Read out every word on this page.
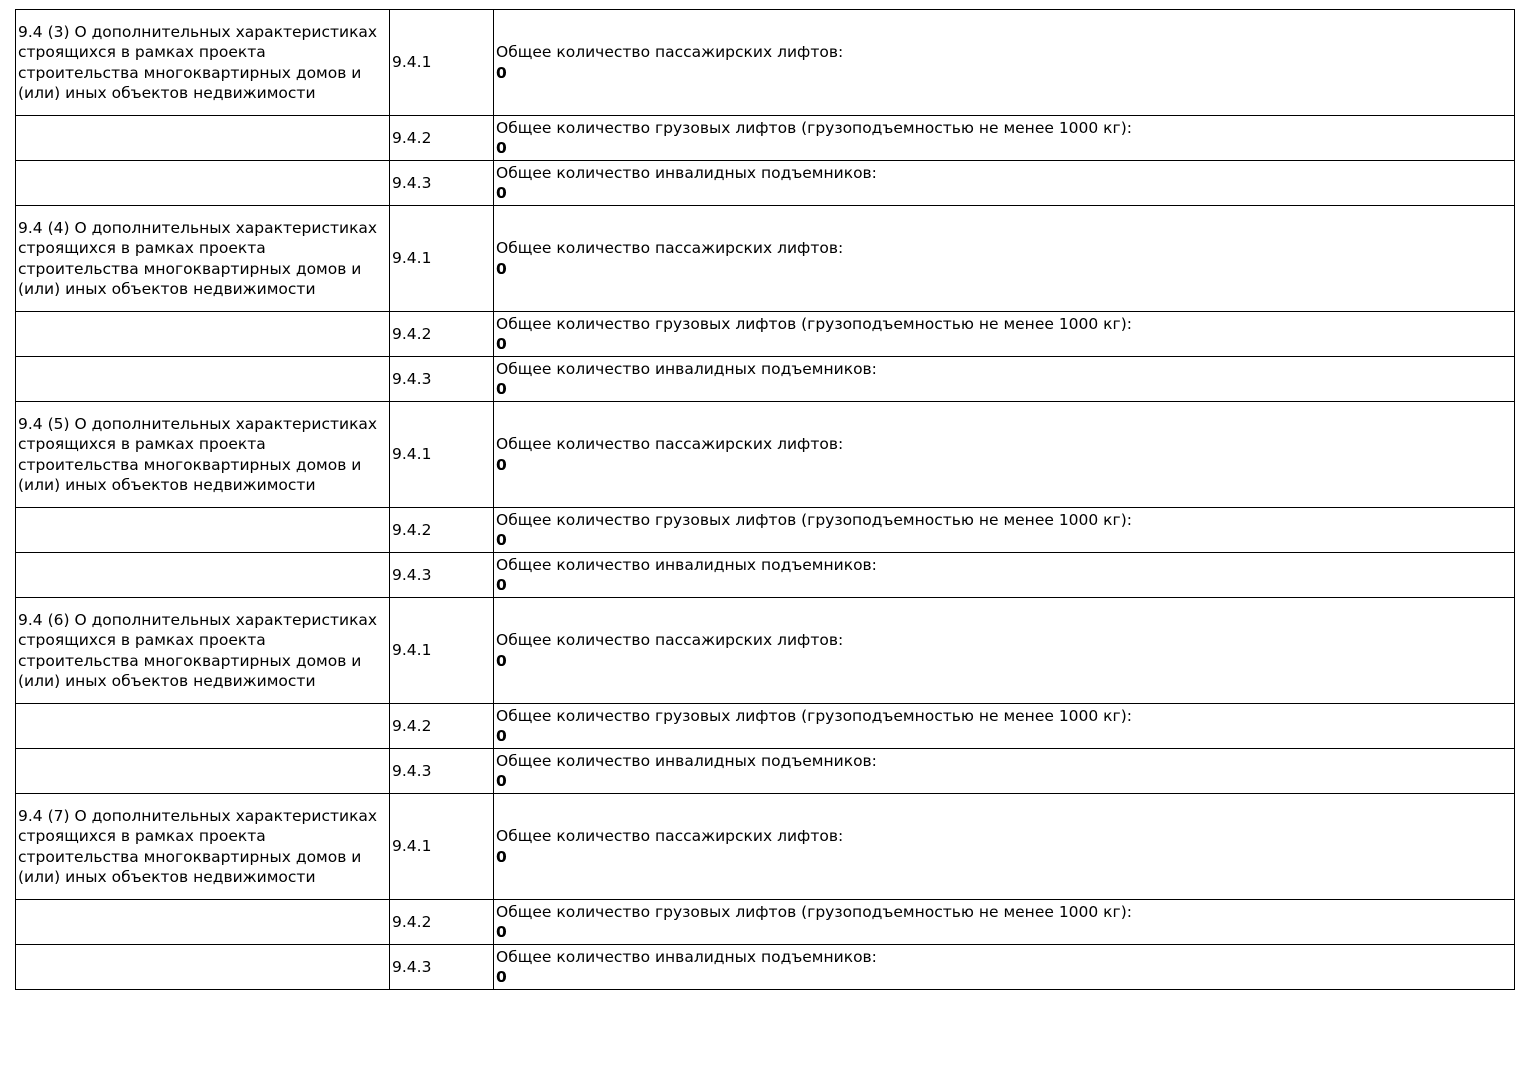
9.4 (3) О дополнительных характеристиках строящихся в рамках проекта строительства многоквартирных домов и (или) иных объектов недвижимости	9.4.1	Общее количество пассажирских лифтов:
0

	9.4.2	Общее количество грузовых лифтов (грузоподъемностью не менее 1000 кг):
0

	9.4.3	Общее количество инвалидных подъемников:
0

9.4 (4) О дополнительных характеристиках строящихся в рамках проекта строительства многоквартирных домов и (или) иных объектов недвижимости	9.4.1	Общее количество пассажирских лифтов:
0

	9.4.2	Общее количество грузовых лифтов (грузоподъемностью не менее 1000 кг):
0

	9.4.3	Общее количество инвалидных подъемников:
0

9.4 (5) О дополнительных характеристиках строящихся в рамках проекта строительства многоквартирных домов и (или) иных объектов недвижимости	9.4.1	Общее количество пассажирских лифтов:
0

	9.4.2	Общее количество грузовых лифтов (грузоподъемностью не менее 1000 кг):
0

	9.4.3	Общее количество инвалидных подъемников:
0

9.4 (6) О дополнительных характеристиках строящихся в рамках проекта строительства многоквартирных домов и (или) иных объектов недвижимости	9.4.1	Общее количество пассажирских лифтов:
0

	9.4.2	Общее количество грузовых лифтов (грузоподъемностью не менее 1000 кг):
0

	9.4.3	Общее количество инвалидных подъемников:
0

9.4 (7) О дополнительных характеристиках строящихся в рамках проекта строительства многоквартирных домов и (или) иных объектов недвижимости	9.4.1	Общее количество пассажирских лифтов:
0

	9.4.2	Общее количество грузовых лифтов (грузоподъемностью не менее 1000 кг):
0

	9.4.3	Общее количество инвалидных подъемников:
0
